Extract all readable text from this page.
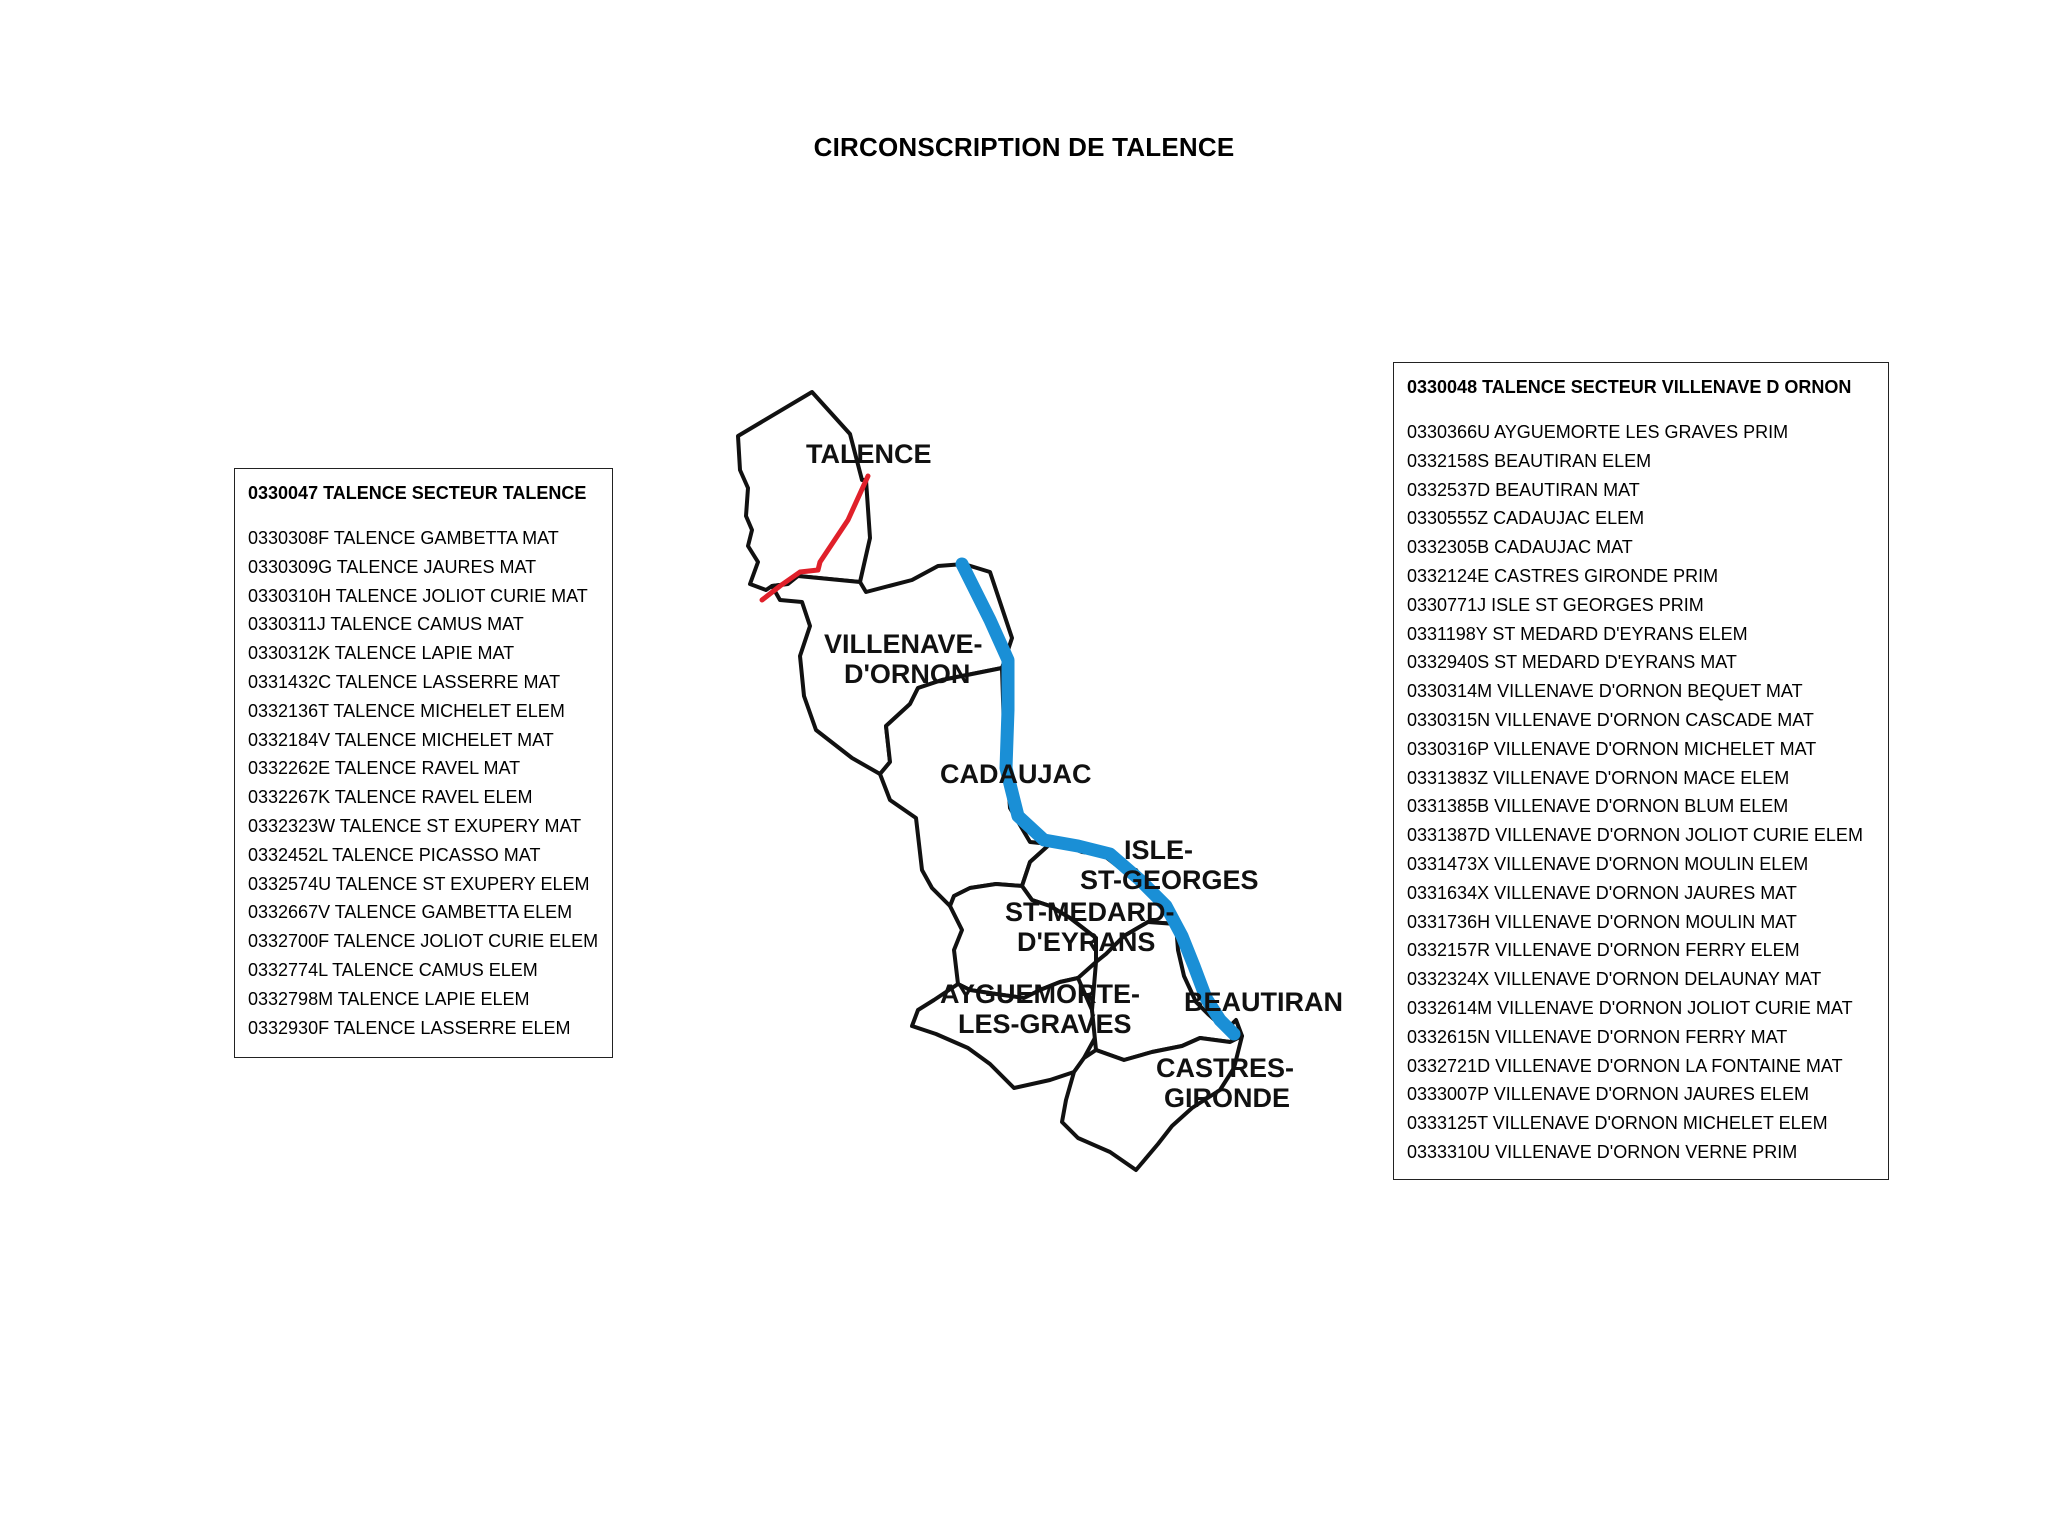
CIRCONSCRIPTION DE TALENCE
0330047 TALENCE SECTEUR TALENCE
0330308F TALENCE GAMBETTA MAT
0330309G TALENCE JAURES MAT
0330310H TALENCE JOLIOT CURIE MAT
0330311J TALENCE CAMUS MAT
0330312K TALENCE LAPIE MAT
0331432C TALENCE LASSERRE MAT
0332136T TALENCE MICHELET ELEM
0332184V TALENCE MICHELET MAT
0332262E TALENCE RAVEL MAT
0332267K TALENCE RAVEL ELEM
0332323W TALENCE ST EXUPERY MAT
0332452L TALENCE PICASSO MAT
0332574U TALENCE ST EXUPERY ELEM
0332667V TALENCE GAMBETTA ELEM
0332700F TALENCE JOLIOT CURIE ELEM
0332774L TALENCE CAMUS ELEM
0332798M TALENCE LAPIE ELEM
0332930F TALENCE LASSERRE ELEM
0330048 TALENCE SECTEUR VILLENAVE D ORNON
0330366U AYGUEMORTE LES GRAVES PRIM
0332158S BEAUTIRAN ELEM
0332537D BEAUTIRAN MAT
0330555Z CADAUJAC ELEM
0332305B CADAUJAC MAT
0332124E CASTRES GIRONDE PRIM
0330771J ISLE ST GEORGES PRIM
0331198Y ST MEDARD D'EYRANS ELEM
0332940S ST MEDARD D'EYRANS MAT
0330314M VILLENAVE D'ORNON BEQUET MAT
0330315N VILLENAVE D'ORNON CASCADE MAT
0330316P VILLENAVE D'ORNON MICHELET MAT
0331383Z VILLENAVE D'ORNON MACE ELEM
0331385B VILLENAVE D'ORNON BLUM ELEM
0331387D VILLENAVE D'ORNON JOLIOT CURIE ELEM
0331473X VILLENAVE D'ORNON MOULIN ELEM
0331634X VILLENAVE D'ORNON JAURES MAT
0331736H VILLENAVE D'ORNON MOULIN MAT
0332157R VILLENAVE D'ORNON FERRY ELEM
0332324X VILLENAVE D'ORNON DELAUNAY MAT
0332614M VILLENAVE D'ORNON JOLIOT CURIE MAT
0332615N VILLENAVE D'ORNON FERRY MAT
0332721D VILLENAVE D'ORNON LA FONTAINE MAT
0333007P VILLENAVE D'ORNON JAURES ELEM
0333125T VILLENAVE D'ORNON MICHELET ELEM
0333310U VILLENAVE D'ORNON VERNE PRIM
TALENCE
VILLENAVE-
D'ORNON
CADAUJAC
ISLE-
ST-GEORGES
ST-MEDARD-
D'EYRANS
AYGUEMORTE-
LES-GRAVES
BEAUTIRAN
CASTRES-
GIRONDE
